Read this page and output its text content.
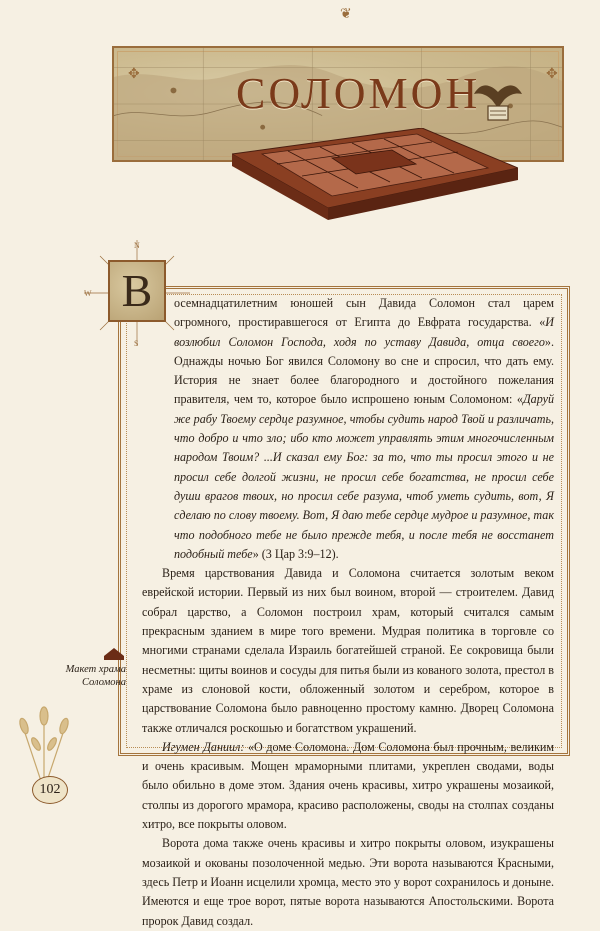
СОЛОМОН
❦
✥	✥
N
W
S
В	осемнадцатилетним юношей сын Давида Соломон стал царем огромного, простиравшегося от Египта до Евфрата государства. «И возлюбил Соломон Господа, ходя по уставу Давида, отца своего». Однажды ночью Бог явился Соломону во сне и спросил, что дать ему. История не знает более благородного и достойного пожелания правителя, чем то, которое было испрошено юным Соломоном: «Даруй же рабу Твоему сердце разумное, чтобы судить народ Твой и различать, что добро и что зло; ибо кто может управлять этим многочисленным народом Твоим? ...И сказал ему Бог: за то, что ты просил этого и не просил себе долгой жизни, не просил себе богатства, не просил себе души врагов твоих, но просил себе разума, чтоб уметь судить, вот, Я сделаю по слову твоему. Вот, Я даю тебе сердце мудрое и разумное, так что подобного тебе не было прежде тебя, и после тебя не восстанет подобный тебе» (3 Цар 3:9–12).

Время царствования Давида и Соломона считается золотым веком еврейской истории. Первый из них был воином, второй — строителем. Давид собрал царство, а Соломон построил храм, который считался самым прекрасным зданием в мире того времени. Мудрая политика в торговле со многими странами сделала Израиль богатейшей страной. Ее сокровища были несметны: щиты воинов и сосуды для питья были из кованого золота, престол в храме из слоновой кости, обложенный золотом и серебром, которое в царствование Соломона было равноценно простому камню. Дворец Соломона также отличался роскошью и богатством украшений.

Игумен Даниил: «О доме Соломона. Дом Соломона был прочным, великим и очень красивым. Мощен мраморными плитами, укреплен сводами, воды было обильно в доме этом. Здания очень красивы, хитро украшены мозаикой, столпы из дорогого мрамора, красиво расположены, своды на столпах созданы хитро, все покрыты оловом.

Ворота дома также очень красивы и хитро покрыты оловом, изукрашены мозаикой и окованы позолоченной медью. Эти ворота называются Красными, здесь Петр и Иоанн исцелили хромца, место это у ворот сохранилось и доныне. Имеются и еще трое ворот, пятые ворота называются Апостольскими. Ворота пророк Давид создал.

Макет храма Соломона
102
